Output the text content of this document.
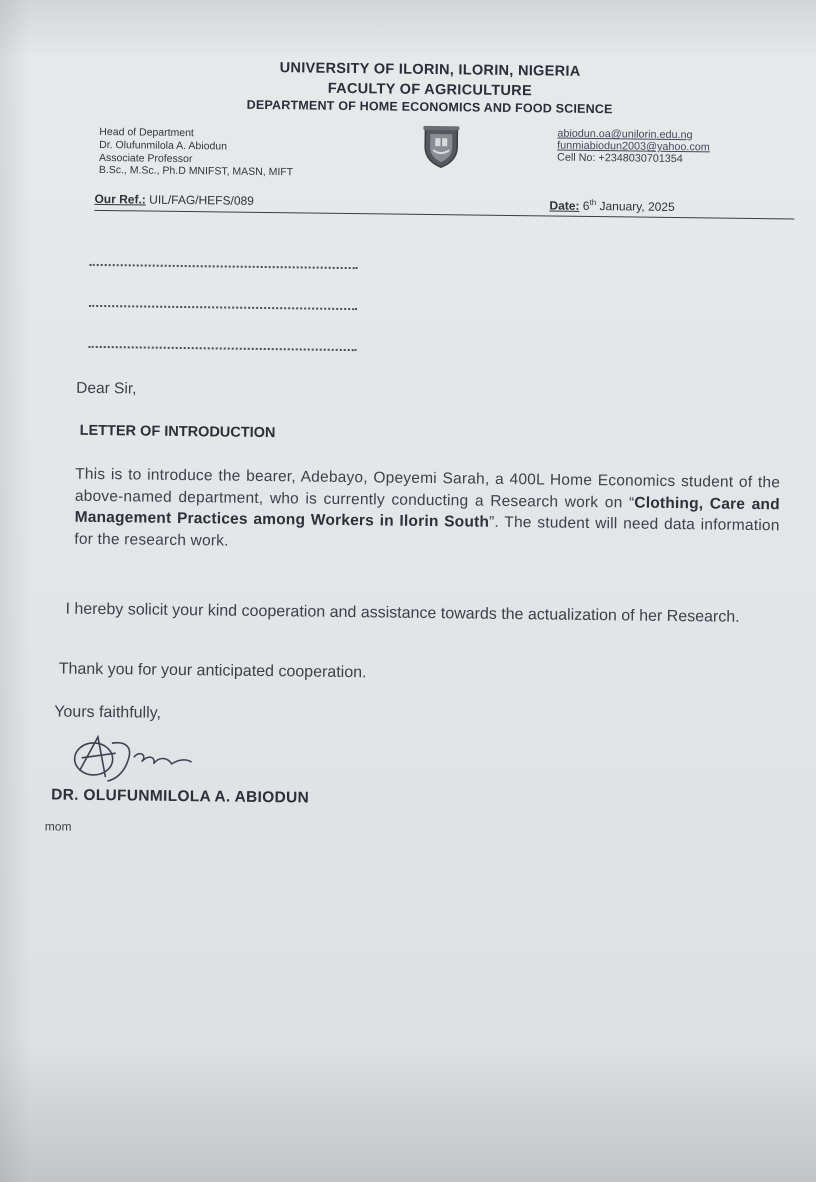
UNIVERSITY OF ILORIN, ILORIN, NIGERIA
FACULTY OF AGRICULTURE
DEPARTMENT OF HOME ECONOMICS AND FOOD SCIENCE
Head of Department
Dr. Olufunmilola A. Abiodun
Associate Professor
B.Sc., M.Sc., Ph.D MNIFST, MASN, MIFT
abiodun.oa@unilorin.edu.ng
funmiabiodun2003@yahoo.com
Cell No: +2348030701354
Our Ref.: UIL/FAG/HEFS/089	Date: 6th January, 2025
Dear Sir,
LETTER OF INTRODUCTION
This is to introduce the bearer, Adebayo, Opeyemi Sarah, a 400L Home Economics student of the above-named department, who is currently conducting a Research work on “Clothing, Care and Management Practices among Workers in Ilorin South”. The student will need data information for the research work.
I hereby solicit your kind cooperation and assistance towards the actualization of her Research.
Thank you for your anticipated cooperation.
Yours faithfully,
DR. OLUFUNMILOLA A. ABIODUN
mom
